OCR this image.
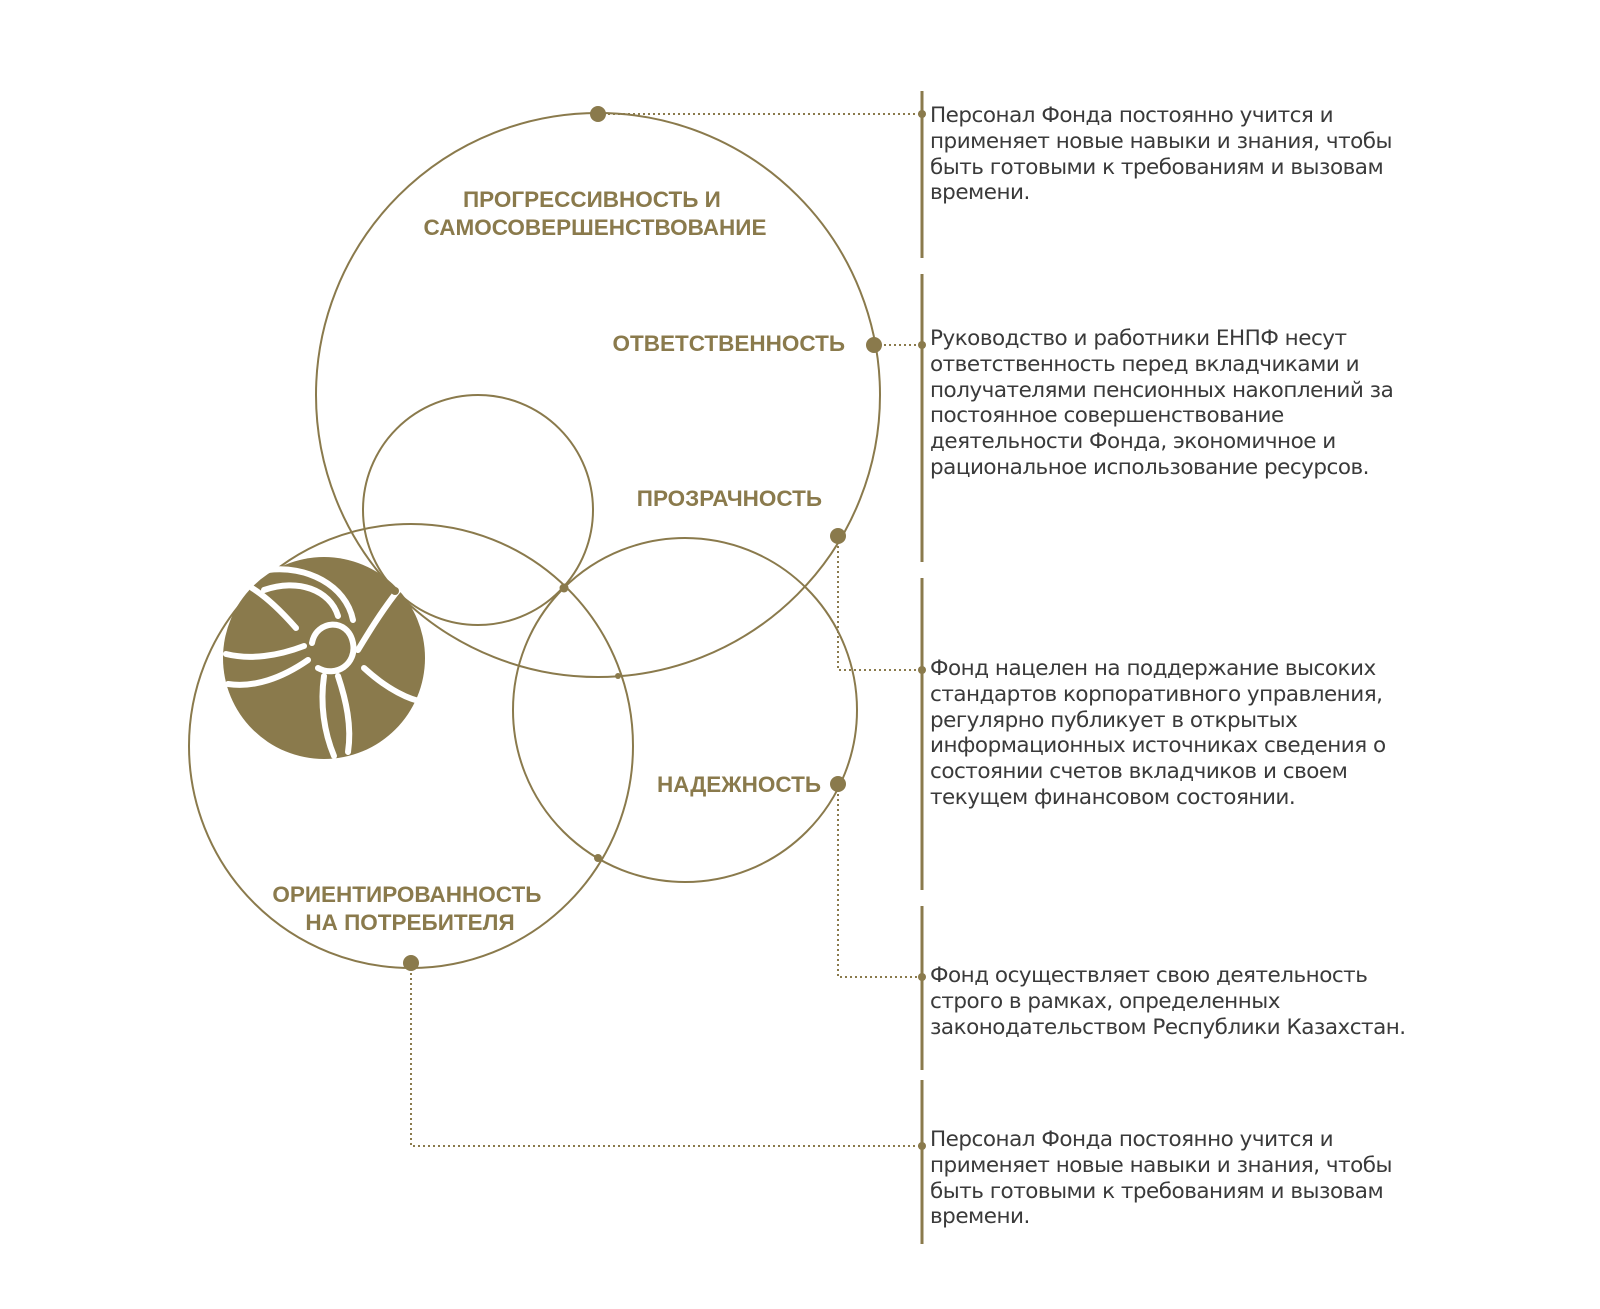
ПРОГРЕССИВНОСТЬ И САМОСОВЕРШЕНСТВОВАНИЕ
ОТВЕТСТВЕННОСТЬ
ПРОЗРАЧНОСТЬ
НАДЕЖНОСТЬ
ОРИЕНТИРОВАННОСТЬ НА ПОТРЕБИТЕЛЯ

Персонал Фонда постоянно учится и применяет новые навыки и знания, чтобы быть готовыми к требованиям и вызовам времени.

Руководство и работники ЕНПФ несут ответственность перед вкладчиками и получателями пенсионных накоплений за постоянное совершенствование деятельности Фонда, экономичное и рациональное использование ресурсов.

Фонд нацелен на поддержание высоких стандартов корпоративного управления, регулярно публикует в открытых информационных источниках сведения о состоянии счетов вкладчиков и своем текущем финансовом состоянии.

Фонд осуществляет свою деятельность строго в рамках, определенных законодательством Республики Казахстан.

Персонал Фонда постоянно учится и применяет новые навыки и знания, чтобы быть готовыми к требованиям и вызовам времени.
